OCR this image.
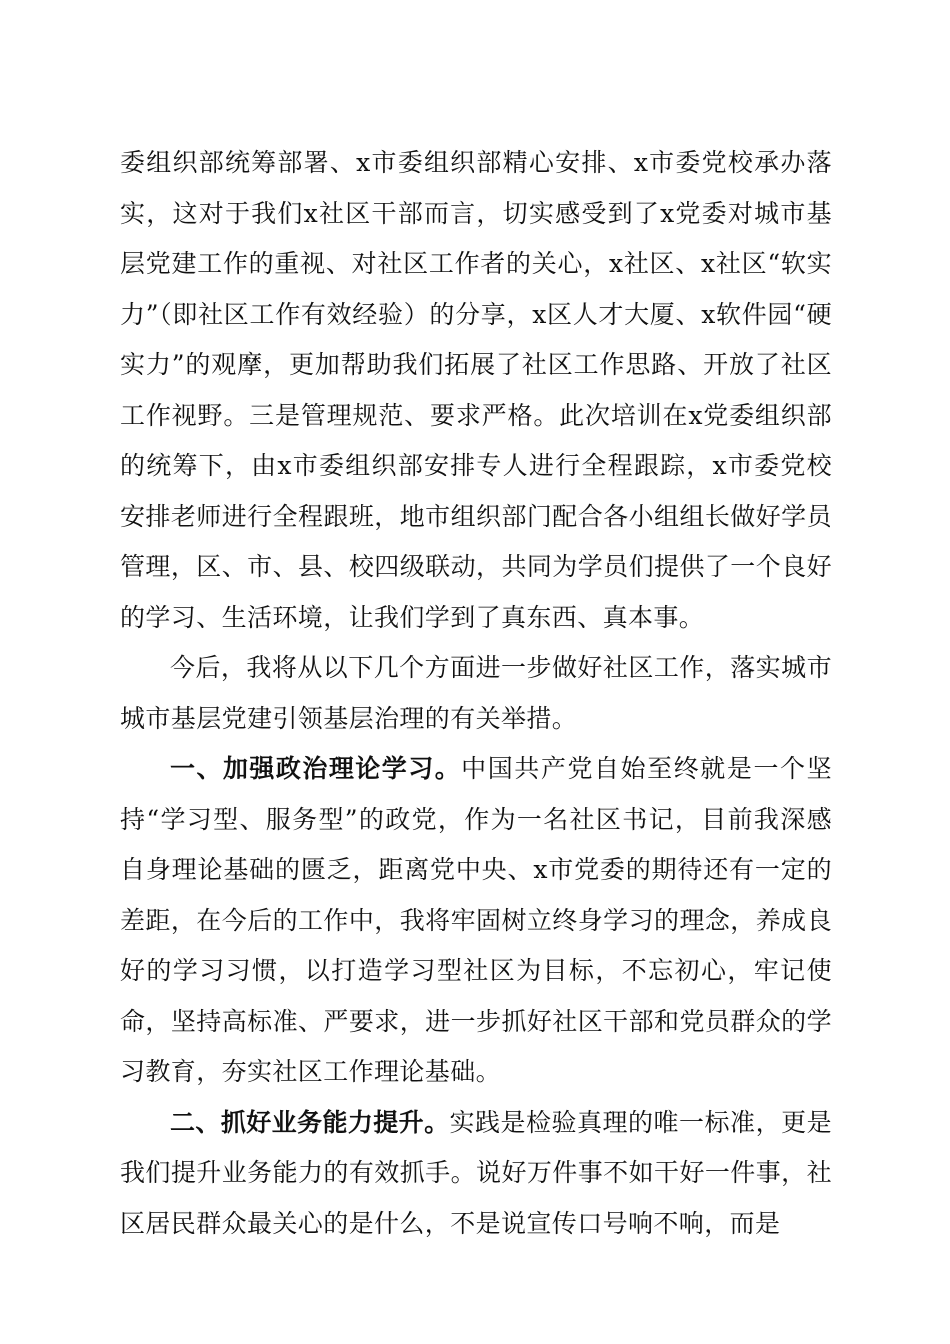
委组织部统筹部署、x市委组织部精心安排、x市委党校承办落实，这对于我们x社区干部而言，切实感受到了x党委对城市基层党建工作的重视、对社区工作者的关心，x社区、x社区“软实力”（即社区工作有效经验）的分享，x区人才大厦、x软件园“硬实力”的观摩，更加帮助我们拓展了社区工作思路、开放了社区工作视野。三是管理规范、要求严格。此次培训在x党委组织部的统筹下，由x市委组织部安排专人进行全程跟踪，x市委党校安排老师进行全程跟班，地市组织部门配合各小组组长做好学员管理，区、市、县、校四级联动，共同为学员们提供了一个良好的学习、生活环境，让我们学到了真东西、真本事。

今后，我将从以下几个方面进一步做好社区工作，落实城市城市基层党建引领基层治理的有关举措。

一、加强政治理论学习。中国共产党自始至终就是一个坚持“学习型、服务型”的政党，作为一名社区书记，目前我深感自身理论基础的匮乏，距离党中央、x市党委的期待还有一定的差距，在今后的工作中，我将牢固树立终身学习的理念，养成良好的学习习惯，以打造学习型社区为目标，不忘初心，牢记使命，坚持高标准、严要求，进一步抓好社区干部和党员群众的学习教育，夯实社区工作理论基础。

二、抓好业务能力提升。实践是检验真理的唯一标准，更是我们提升业务能力的有效抓手。说好万件事不如干好一件事，社区居民群众最关心的是什么，不是说宣传口号响不响，而是
